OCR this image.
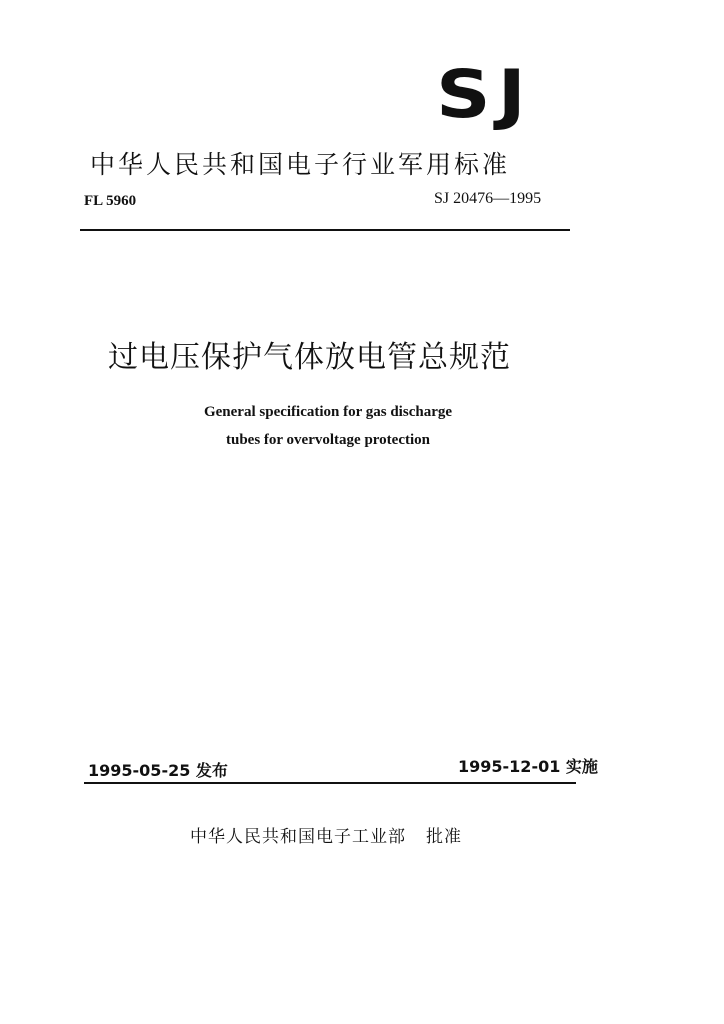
SJ
中华人民共和国电子行业军用标准
FL 5960	SJ 20476—1995
过电压保护气体放电管总规范
General specification for gas discharge
tubes for overvoltage protection
1995-05-25 发布	1995-12-01 实施
中华人民共和国电子工业部 批准
